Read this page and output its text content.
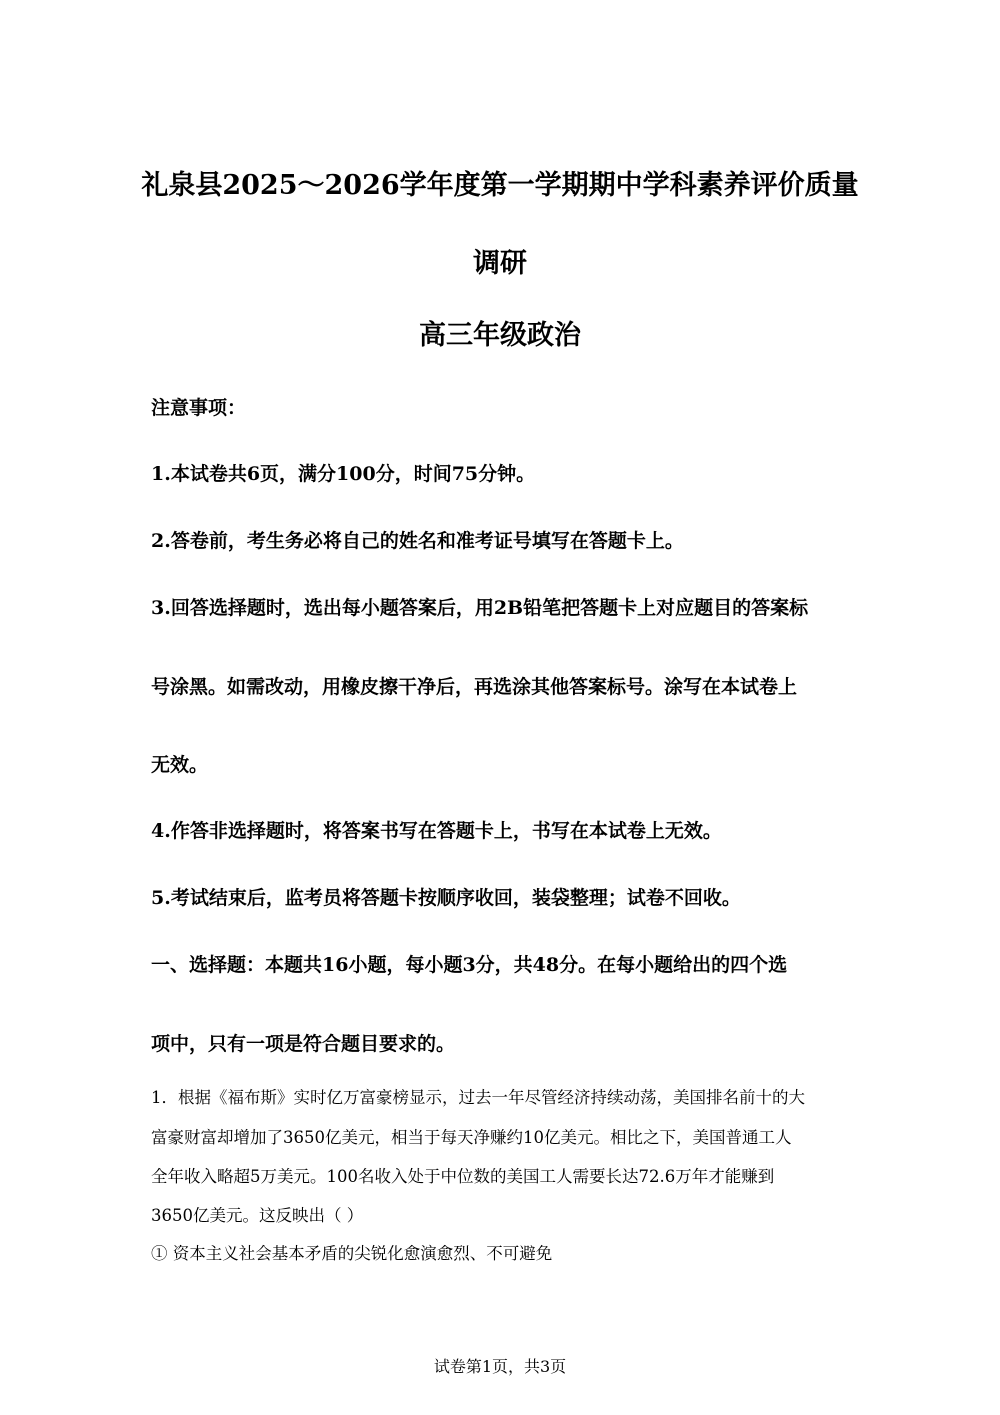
礼泉县2025～2026学年度第一学期期中学科素养评价质量
调研
高三年级政治

注意事项：

1.本试卷共6页，满分100分，时间75分钟。

2.答卷前，考生务必将自己的姓名和准考证号填写在答题卡上。

3.回答选择题时，选出每小题答案后，用2B铅笔把答题卡上对应题目的答案标

号涂黑。如需改动，用橡皮擦干净后，再选涂其他答案标号。涂写在本试卷上

无效。

4.作答非选择题时，将答案书写在答题卡上，书写在本试卷上无效。

5.考试结束后，监考员将答题卡按顺序收回，装袋整理；试卷不回收。

一、选择题：本题共16小题，每小题3分，共48分。在每小题给出的四个选

项中，只有一项是符合题目要求的。

1．根据《福布斯》实时亿万富豪榜显示，过去一年尽管经济持续动荡，美国排名前十的大

富豪财富却增加了3650亿美元，相当于每天净赚约10亿美元。相比之下，美国普通工人

全年收入略超5万美元。100名收入处于中位数的美国工人需要长达72.6万年才能赚到

3650亿美元。这反映出（ ）

① 资本主义社会基本矛盾的尖锐化愈演愈烈、不可避免

试卷第1页，共3页
